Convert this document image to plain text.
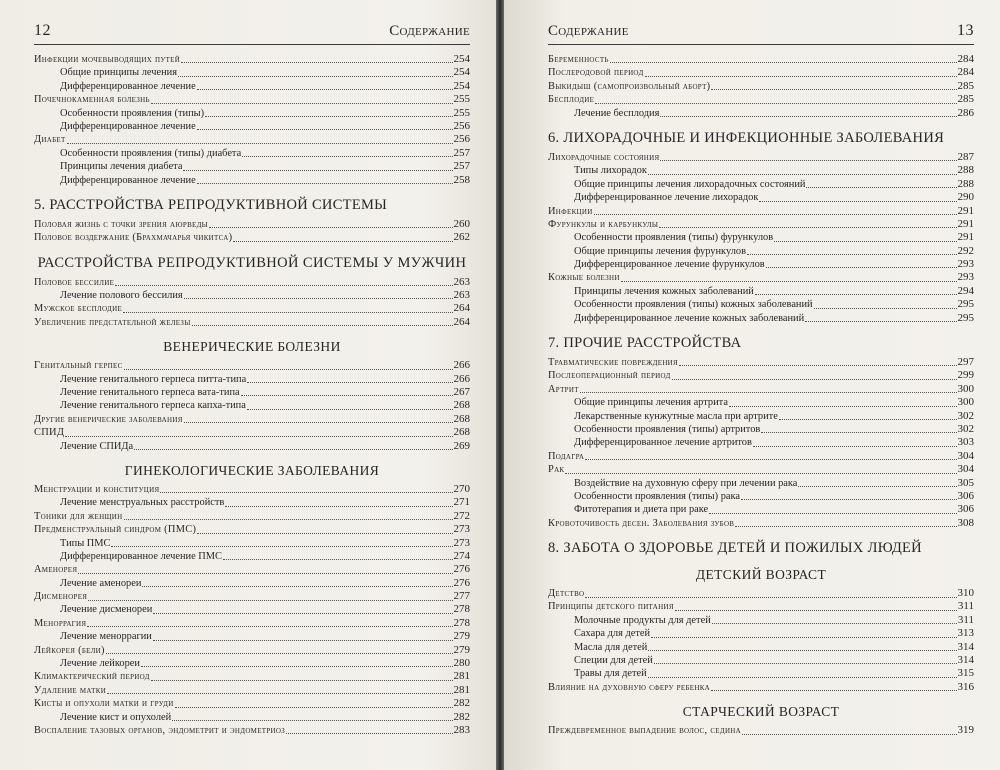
12	Содержание
Инфекции мочевыводящих путей	254
Общие принципы лечения	254
Дифференцированное лечение	254
Почечнокаменная болезнь	255
Особенности проявления (типы)	255
Дифференцированное лечение	256
Диабет	256
Особенности проявления (типы) диабета	257
Принципы лечения диабета	257
Дифференцированное лечение	258
5. РАССТРОЙСТВА РЕПРОДУКТИВНОЙ СИСТЕМЫ
Половая жизнь с точки зрения аюрведы	260
Половое воздержание (Брахмачарья чикитса)	262
РАССТРОЙСТВА РЕПРОДУКТИВНОЙ СИСТЕМЫ У МУЖЧИН
Половое бессилие	263
Лечение полового бессилия	263
Мужское бесплодие	264
Увеличение предстательной железы	264
ВЕНЕРИЧЕСКИЕ БОЛЕЗНИ
Генитальный герпес	266
Лечение генитального герпеса питта-типа	266
Лечение генитального герпеса вата-типа	267
Лечение генитального герпеса капха-типа	268
Другие венерические заболевания	268
СПИД	268
Лечение СПИДа	269
ГИНЕКОЛОГИЧЕСКИЕ ЗАБОЛЕВАНИЯ
Менструации и конституция	270
Лечение менструальных расстройств	271
Тоники для женщин	272
Предменструальный синдром (ПМС)	273
Типы ПМС	273
Дифференцированное лечение ПМС	274
Аменорея	276
Лечение аменореи	276
Дисменорея	277
Лечение дисменореи	278
Меноррагия	278
Лечение меноррагии	279
Лейкорея (бели)	279
Лечение лейкореи	280
Климактерический период	281
Удаление матки	281
Кисты и опухоли матки и груди	282
Лечение кист и опухолей	282
Воспаление тазовых органов, эндометрит и эндометриоз	283
Содержание	13
Беременность	284
Послеродовой период	284
Выкидыш (самопроизвольный аборт)	285
Бесплодие	285
Лечение бесплодия	286
6. ЛИХОРАДОЧНЫЕ И ИНФЕКЦИОННЫЕ ЗАБОЛЕВАНИЯ
Лихорадочные состояния	287
Типы лихорадок	288
Общие принципы лечения лихорадочных состояний	288
Дифференцированное лечение лихорадок	290
Инфекции	291
Фурункулы и карбункулы	291
Особенности проявления (типы) фурункулов	291
Общие принципы лечения фурункулов	292
Дифференцированное лечение фурункулов	293
Кожные болезни	293
Принципы лечения кожных заболеваний	294
Особенности проявления (типы) кожных заболеваний	295
Дифференцированное лечение кожных заболеваний	295
7. ПРОЧИЕ РАССТРОЙСТВА
Травматические повреждения	297
Послеоперационный период	299
Артрит	300
Общие принципы лечения артрита	300
Лекарственные кунжутные масла при артрите	302
Особенности проявления (типы) артритов	302
Дифференцированное лечение артритов	303
Подагра	304
Рак	304
Воздействие на духовную сферу при лечении рака	305
Особенности проявления (типы) рака	306
Фитотерапия и диета при раке	306
Кровоточивость десен. Заболевания зубов	308
8. ЗАБОТА О ЗДОРОВЬЕ ДЕТЕЙ И ПОЖИЛЫХ ЛЮДЕЙ
ДЕТСКИЙ ВОЗРАСТ
Детство	310
Принципы детского питания	311
Молочные продукты для детей	311
Сахара для детей	313
Масла для детей	314
Специи для детей	314
Травы для детей	315
Влияние на духовную сферу ребенка	316
СТАРЧЕСКИЙ ВОЗРАСТ
Преждевременное выпадение волос, седина	319
